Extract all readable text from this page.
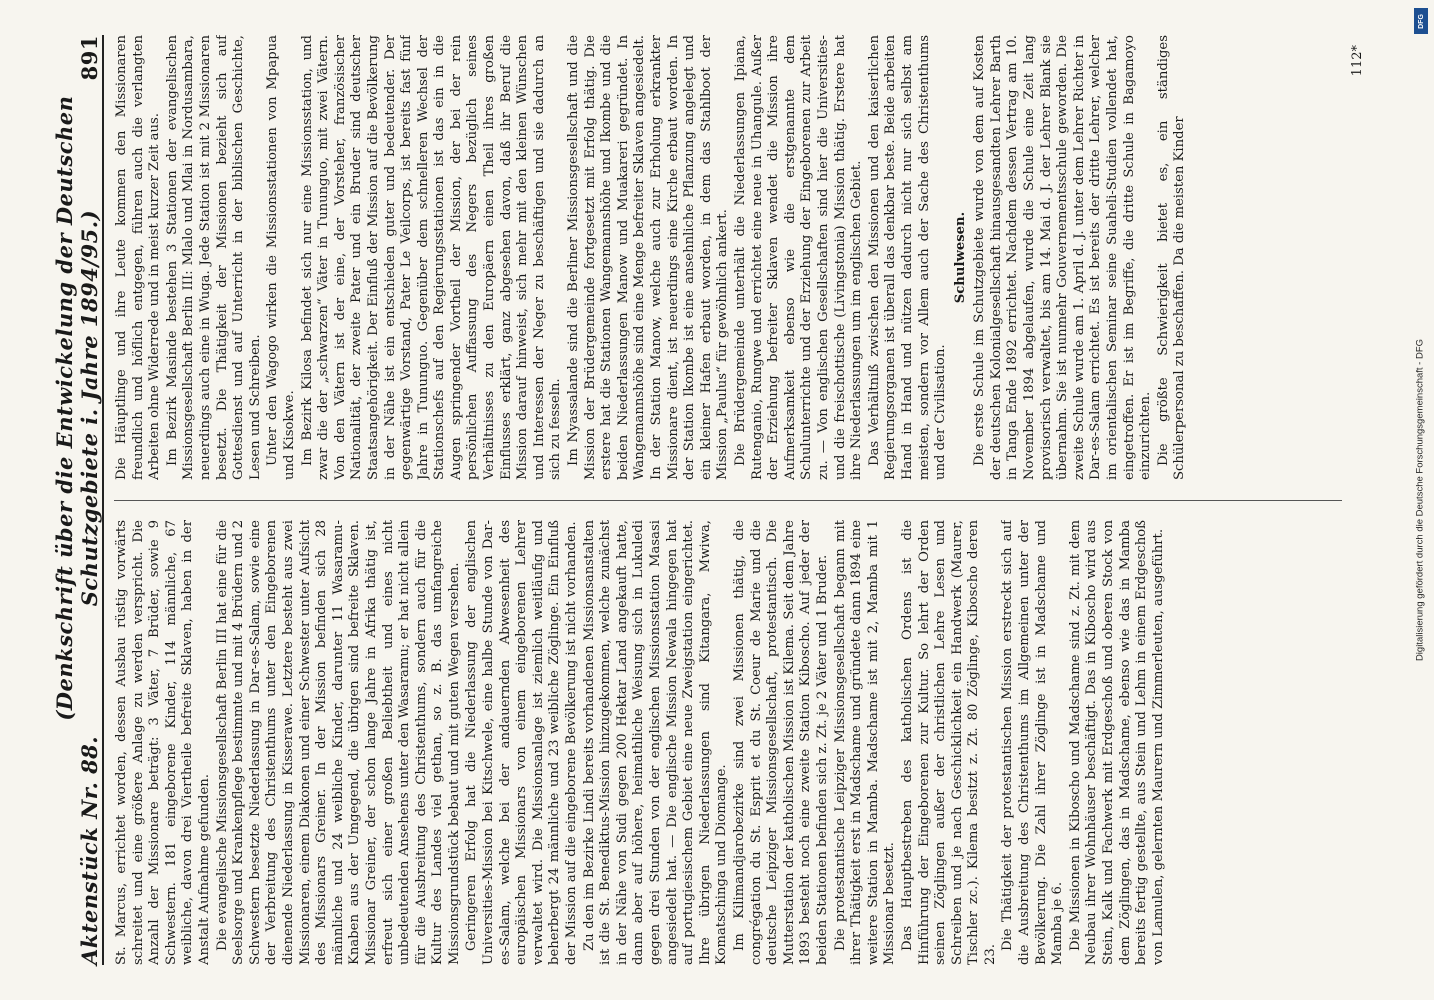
Aktenstück Nr. 88.
(Denkschrift über die Entwickelung der Deutschen Schutzgebiete i. Jahre 1894/95.)
891

St. Marcus, errichtet worden, dessen Ausbau rüstig vorwärts schreitet und eine größere Anlage zu werden verspricht. Die Anzahl der Missionare beträgt: 3 Väter, 7 Brüder, sowie 9 Schwestern. 181 eingeborene Kinder, 114 männliche, 67 weibliche, davon drei Viertheile befreite Sklaven, haben in der Anstalt Aufnahme gefunden. Die evangelische Missionsgesellschaft Berlin III hat eine für die Seelsorge und Krankenpflege bestimmte und mit 4 Brüdern und 2 Schwestern besetzte Niederlassung in Dar-es-Salam, sowie eine der Verbreitung des Christenthums unter den Eingeborenen dienende Niederlassung in Kisserawe. Letztere besteht aus zwei Missionaren, einem Diakonen und einer Schwester unter Aufsicht des Missionars Greiner. In der Mission befinden sich 28 männliche und 24 weibliche Kinder, darunter 11 Wasaramu-Knaben aus der Umgegend, die übrigen sind befreite Sklaven. Missionar Greiner, der schon lange Jahre in Afrika thätig ist, erfreut sich einer großen Beliebtheit und eines nicht unbedeutenden Ansehens unter den Wasaramu; er hat nicht allein für die Ausbreitung des Christenthums, sondern auch für die Kultur des Landes viel gethan, so z. B. das umfangreiche Missionsgrundstück bebaut und mit guten Wegen versehen. Geringeren Erfolg hat die Niederlassung der englischen Universities-Mission bei Kitschwele, eine halbe Stunde von Dar-es-Salam, welche bei der andauernden Abwesenheit des europäischen Missionars von einem eingeborenen Lehrer verwaltet wird. Die Missionsanlage ist ziemlich weitläufig und beherbergt 24 männliche und 23 weibliche Zöglinge. Ein Einfluß der Mission auf die eingeborene Bevölkerung ist nicht vorhanden. Zu den im Bezirke Lindi bereits vorhandenen Missionsanstalten ist die St. Benediktus-Mission hinzugekommen, welche zunächst in der Nähe von Sudi gegen 200 Hektar Land angekauft hatte, dann aber auf höhere, heimathliche Weisung sich in Lukuledi gegen drei Stunden von der englischen Missionsstation Masasi angesiedelt hat. — Die englische Mission Newala hingegen hat auf portugiesischem Gebiet eine neue Zweigstation eingerichtet. Ihre übrigen Niederlassungen sind Kitangara, Mwiwa, Komatschinga und Diomange. Im Kilimandjarobezirke sind zwei Missionen thätig, die congrégation du St. Esprit et du St. Coeur de Marie und die deutsche Leipziger Missionsgesellschaft, protestantisch. Die Mutterstation der katholischen Mission ist Kilema. Seit dem Jahre 1893 besteht noch eine zweite Station Kiboscho. Auf jeder der beiden Stationen befinden sich z. Zt. je 2 Väter und 1 Bruder. Die protestantische Leipziger Missionsgesellschaft begann mit ihrer Thätigkeit erst in Madschame und gründete dann 1894 eine weitere Station in Mamba. Madschame ist mit 2, Mamba mit 1 Missionar besetzt. Das Hauptbestreben des katholischen Ordens ist die Hinführung der Eingeborenen zur Kultur. So lehrt der Orden seinen Zöglingen außer der christlichen Lehre Lesen und Schreiben und je nach Geschicklichkeit ein Handwerk (Maurer, Tischler zc.). Kilema besitzt z. Zt. 80 Zöglinge, Kiboscho deren 23.

Die Thätigkeit der protestantischen Mission erstreckt sich auf die Ausbreitung des Christenthums im Allgemeinen unter der Bevölkerung. Die Zahl ihrer Zöglinge ist in Madschame und Mamba je 6. Die Missionen in Kiboscho und Madschame sind z. Zt. mit dem Neubau ihrer Wohnhäuser beschäftigt. Das in Kiboscho wird aus Stein, Kalk und Fachwerk mit Erdgeschoß und oberen Stock von dem Zöglingen, das in Madschame, ebenso wie das in Mamba bereits fertig gestellte, aus Stein und Lehm in einem Erdgeschoß von Lamulen, gelernten Maurern und Zimmerleuten, ausgeführt.

Die Häuptlinge und ihre Leute kommen den Missionaren freundlich und höflich entgegen, führen auch die verlangten Arbeiten ohne Widerrede und in meist kurzer Zeit aus. Im Bezirk Masinde bestehen 3 Stationen der evangelischen Missionsgesellschaft Berlin III: Mlalo und Mlai in Nordusambara, neuerdings auch eine in Wuga. Jede Station ist mit 2 Missionaren besetzt. Die Thätigkeit der Missionen bezieht sich auf Gottesdienst und auf Unterricht in der biblischen Geschichte, Lesen und Schreiben. Unter den Wagogo wirken die Missionsstationen von Mpapua und Kisokwe. Im Bezirk Kilosa befindet sich nur eine Missionsstation, und zwar die der „schwarzen“ Väter in Tununguo, mit zwei Vätern. Von den Vätern ist der eine, der Vorsteher, französischer Nationalität, der zweite Pater und ein Bruder sind deutscher Staatsangehörigkeit. Der Einfluß der Mission auf die Bevölkerung in der Nähe ist ein entschieden guter und bedeutender. Der gegenwärtige Vorstand, Pater Le Veilcorps, ist bereits fast fünf Jahre in Tununguo. Gegenüber dem schnelleren Wechsel der Stationschefs auf den Regierungsstationen ist das ein in die Augen springender Vortheil der Mission, der bei der rein persönlichen Auffassung des Negers bezüglich seines Verhältnisses zu den Europäern einen Theil ihres großen Einflusses erklärt, ganz abgesehen davon, daß ihr Beruf die Mission darauf hinweist, sich mehr mit den kleinen Wünschen und Interessen der Neger zu beschäftigen und sie dadurch an sich zu fesseln. Im Nyassalande sind die Berliner Missionsgesellschaft und die Mission der Brüdergemeinde fortgesetzt mit Erfolg thätig. Die erstere hat die Stationen Wangemannshöhe und Ikombe und die beiden Niederlassungen Manow und Muakareri gegründet. In Wangemannshöhe sind eine Menge befreiter Sklaven angesiedelt. In der Station Manow, welche auch zur Erholung erkrankter Missionare dient, ist neuerdings eine Kirche erbaut worden. In der Station Ikombe ist eine ansehnliche Pflanzung angelegt und ein kleiner Hafen erbaut worden, in dem das Stahlboot der Mission „Paulus“ für gewöhnlich ankert. Die Brüdergemeinde unterhält die Niederlassungen Ipiana, Rutenganio, Rungwe und errichtet eine neue in Uhangule. Außer der Erziehung befreiter Sklaven wendet die Mission ihre Aufmerksamkeit ebenso wie die erstgenannte dem Schulunterrichte und der Erziehung der Eingeborenen zur Arbeit zu. — Von englischen Gesellschaften sind hier die Universities- und die freischottische (Livingstonia) Mission thätig. Erstere hat ihre Niederlassungen um im englischen Gebiet. Das Verhältniß zwischen den Missionen und den kaiserlichen Regierungsorganen ist überall das denkbar beste. Beide arbeiten Hand in Hand und nützen dadurch nicht nur sich selbst am meisten, sondern vor Allem auch der Sache des Christenthums und der Civilisation.

Schulwesen. Die erste Schule im Schutzgebiete wurde von dem auf Kosten der deutschen Kolonialgesellschaft hinausgesandten Lehrer Barth in Tanga Ende 1892 errichtet. Nachdem dessen Vertrag am 10. November 1894 abgelaufen, wurde die Schule eine Zeit lang provisorisch verwaltet, bis am 14. Mai d. J. der Lehrer Blank sie übernahm. Sie ist nunmehr Gouvernementsschule geworden. Die zweite Schule wurde am 1. April d. J. unter dem Lehrer Richter in Dar-es-Salam errichtet. Es ist bereits der dritte Lehrer, welcher im orientalischen Seminar seine Suaheli-Studien vollendet hat, eingetroffen. Er ist im Begriffe, die dritte Schule in Bagamoyo einzurichten. Die größte Schwierigkeit bietet es, ein ständiges Schülerpersonal zu beschaffen. Da die meisten Kinder

112*
Digitalisierung gefördert durch die Deutsche Forschungsgemeinschaft - DFG
DFG
